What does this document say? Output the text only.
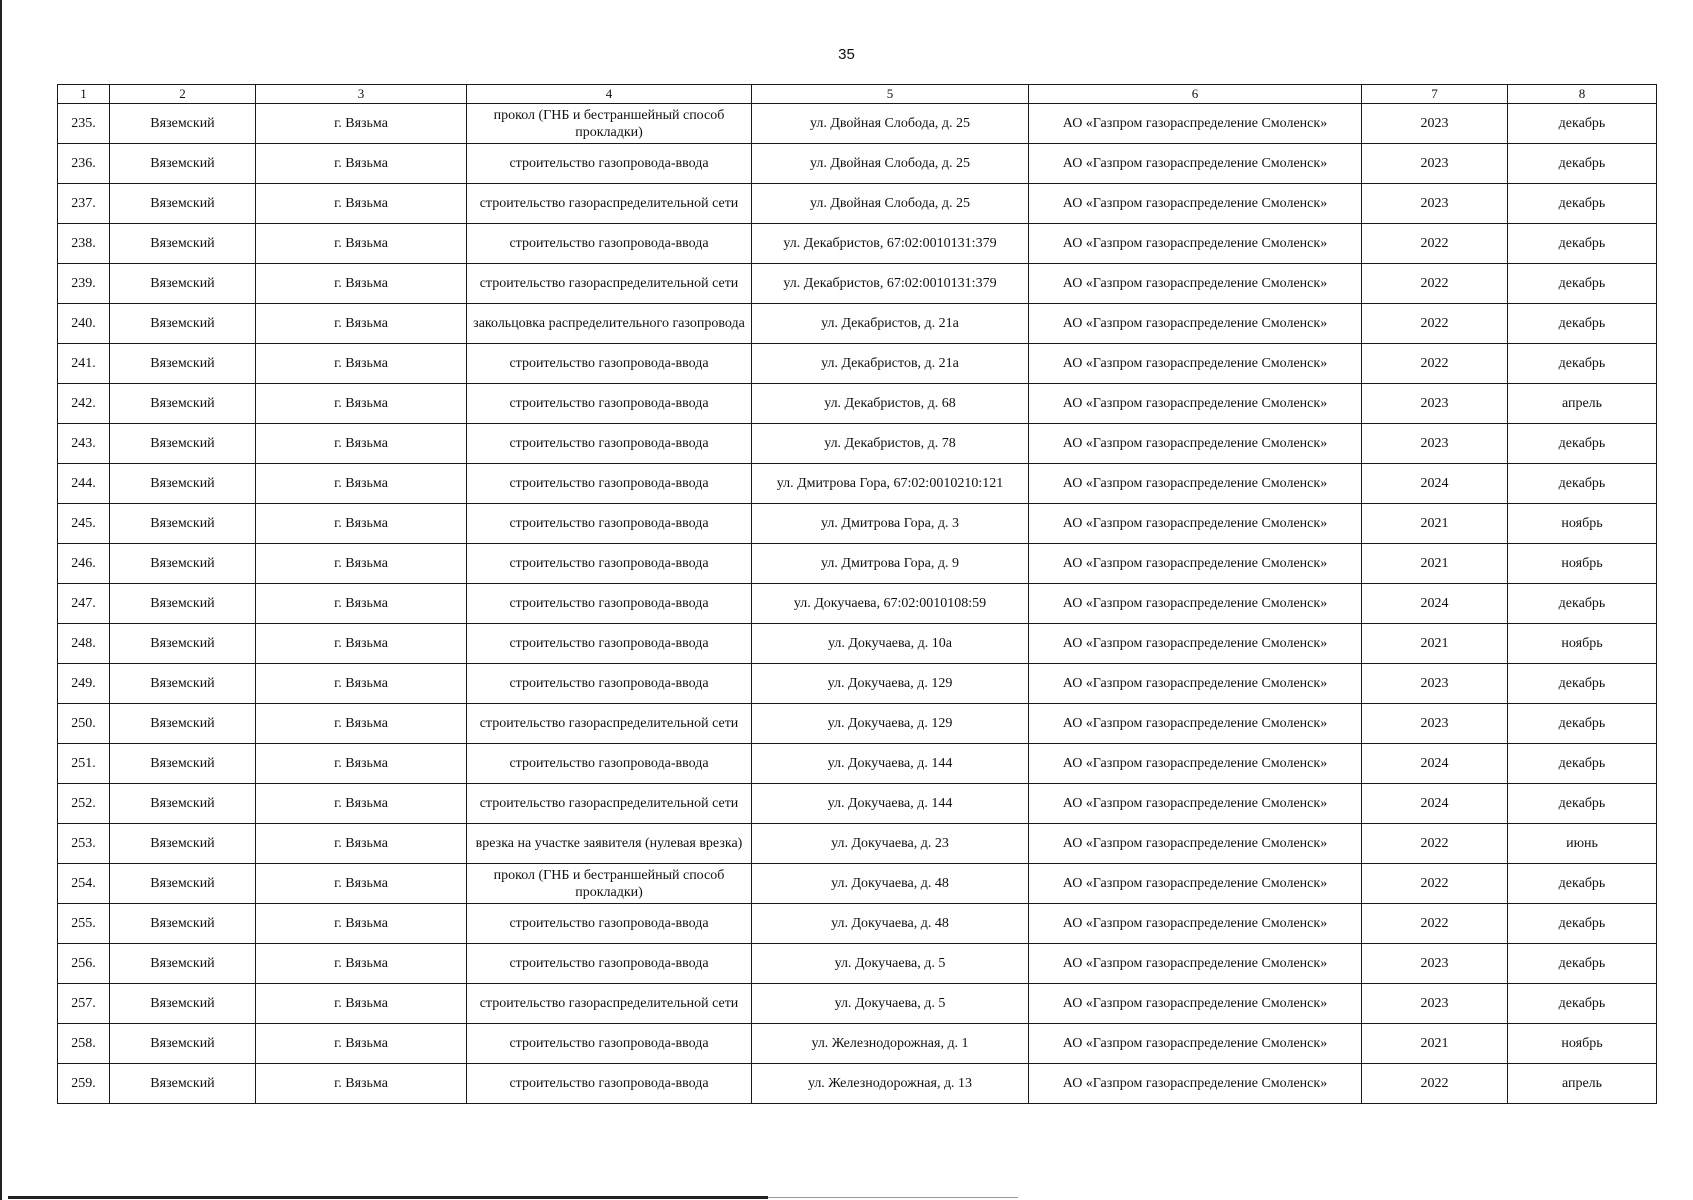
35
1	2	3	4	5	6	7	8
235.	Вяземский	г. Вязьма	прокол (ГНБ и бестраншейный способ прокладки)	ул. Двойная Слобода, д. 25	АО «Газпром газораспределение Смоленск»	2023	декабрь
236.	Вяземский	г. Вязьма	строительство газопровода-ввода	ул. Двойная Слобода, д. 25	АО «Газпром газораспределение Смоленск»	2023	декабрь
237.	Вяземский	г. Вязьма	строительство газораспределительной сети	ул. Двойная Слобода, д. 25	АО «Газпром газораспределение Смоленск»	2023	декабрь
238.	Вяземский	г. Вязьма	строительство газопровода-ввода	ул. Декабристов, 67:02:0010131:379	АО «Газпром газораспределение Смоленск»	2022	декабрь
239.	Вяземский	г. Вязьма	строительство газораспределительной сети	ул. Декабристов, 67:02:0010131:379	АО «Газпром газораспределение Смоленск»	2022	декабрь
240.	Вяземский	г. Вязьма	закольцовка распределительного газопровода	ул. Декабристов, д. 21а	АО «Газпром газораспределение Смоленск»	2022	декабрь
241.	Вяземский	г. Вязьма	строительство газопровода-ввода	ул. Декабристов, д. 21а	АО «Газпром газораспределение Смоленск»	2022	декабрь
242.	Вяземский	г. Вязьма	строительство газопровода-ввода	ул. Декабристов, д. 68	АО «Газпром газораспределение Смоленск»	2023	апрель
243.	Вяземский	г. Вязьма	строительство газопровода-ввода	ул. Декабристов, д. 78	АО «Газпром газораспределение Смоленск»	2023	декабрь
244.	Вяземский	г. Вязьма	строительство газопровода-ввода	ул. Дмитрова Гора, 67:02:0010210:121	АО «Газпром газораспределение Смоленск»	2024	декабрь
245.	Вяземский	г. Вязьма	строительство газопровода-ввода	ул. Дмитрова Гора, д. 3	АО «Газпром газораспределение Смоленск»	2021	ноябрь
246.	Вяземский	г. Вязьма	строительство газопровода-ввода	ул. Дмитрова Гора, д. 9	АО «Газпром газораспределение Смоленск»	2021	ноябрь
247.	Вяземский	г. Вязьма	строительство газопровода-ввода	ул. Докучаева, 67:02:0010108:59	АО «Газпром газораспределение Смоленск»	2024	декабрь
248.	Вяземский	г. Вязьма	строительство газопровода-ввода	ул. Докучаева, д. 10а	АО «Газпром газораспределение Смоленск»	2021	ноябрь
249.	Вяземский	г. Вязьма	строительство газопровода-ввода	ул. Докучаева, д. 129	АО «Газпром газораспределение Смоленск»	2023	декабрь
250.	Вяземский	г. Вязьма	строительство газораспределительной сети	ул. Докучаева, д. 129	АО «Газпром газораспределение Смоленск»	2023	декабрь
251.	Вяземский	г. Вязьма	строительство газопровода-ввода	ул. Докучаева, д. 144	АО «Газпром газораспределение Смоленск»	2024	декабрь
252.	Вяземский	г. Вязьма	строительство газораспределительной сети	ул. Докучаева, д. 144	АО «Газпром газораспределение Смоленск»	2024	декабрь
253.	Вяземский	г. Вязьма	врезка на участке заявителя (нулевая врезка)	ул. Докучаева, д. 23	АО «Газпром газораспределение Смоленск»	2022	июнь
254.	Вяземский	г. Вязьма	прокол (ГНБ и бестраншейный способ прокладки)	ул. Докучаева, д. 48	АО «Газпром газораспределение Смоленск»	2022	декабрь
255.	Вяземский	г. Вязьма	строительство газопровода-ввода	ул. Докучаева, д. 48	АО «Газпром газораспределение Смоленск»	2022	декабрь
256.	Вяземский	г. Вязьма	строительство газопровода-ввода	ул. Докучаева, д. 5	АО «Газпром газораспределение Смоленск»	2023	декабрь
257.	Вяземский	г. Вязьма	строительство газораспределительной сети	ул. Докучаева, д. 5	АО «Газпром газораспределение Смоленск»	2023	декабрь
258.	Вяземский	г. Вязьма	строительство газопровода-ввода	ул. Железнодорожная, д. 1	АО «Газпром газораспределение Смоленск»	2021	ноябрь
259.	Вяземский	г. Вязьма	строительство газопровода-ввода	ул. Железнодорожная, д. 13	АО «Газпром газораспределение Смоленск»	2022	апрель
